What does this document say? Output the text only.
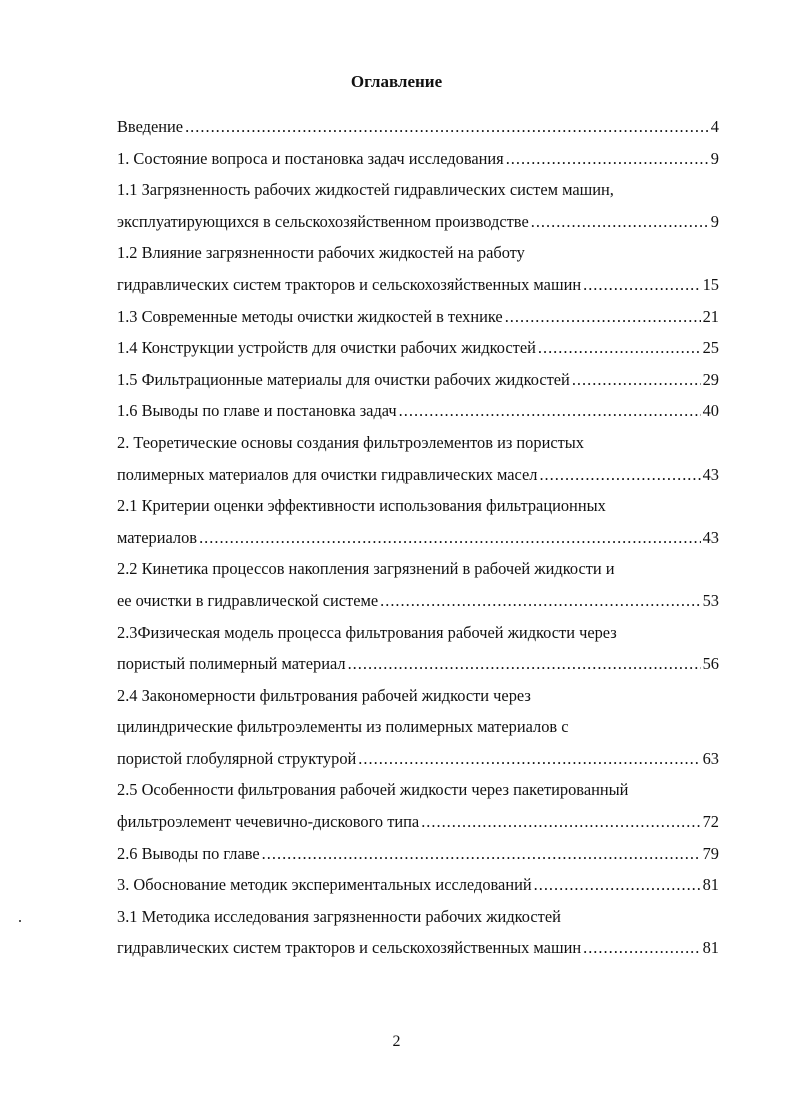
Оглавление
Введение .....	4
1. Состояние вопроса и постановка задач исследования .....	9
1.1 Загрязненность рабочих жидкостей гидравлических систем машин,
эксплуатирующихся в сельскохозяйственном производстве .....	9
1.2 Влияние загрязненности рабочих жидкостей на работу
гидравлических систем тракторов и сельскохозяйственных машин .....	15
1.3 Современные методы очистки жидкостей в технике .....	21
1.4 Конструкции устройств для очистки рабочих жидкостей .....	25
1.5 Фильтрационные материалы для очистки рабочих жидкостей .....	29
1.6 Выводы по главе и постановка задач .....	40
2. Теоретические основы создания фильтроэлементов из пористых
полимерных материалов для очистки гидравлических масел .....	43
2.1 Критерии оценки эффективности использования фильтрационных
материалов .....	43
2.2 Кинетика процессов накопления загрязнений в рабочей жидкости и
ее очистки в гидравлической системе .....	53
2.3Физическая модель процесса фильтрования рабочей жидкости через
пористый полимерный материал .....	56
2.4 Закономерности фильтрования рабочей жидкости через
цилиндрические фильтроэлементы из полимерных материалов с
пористой глобулярной структурой .....	63
2.5 Особенности фильтрования рабочей жидкости через пакетированный
фильтроэлемент чечевично-дискового типа .....	72
2.6 Выводы по главе .....	79
3. Обоснование методик экспериментальных исследований .....	81
3.1 Методика исследования загрязненности рабочих жидкостей
гидравлических систем тракторов и сельскохозяйственных машин .....	81
2
